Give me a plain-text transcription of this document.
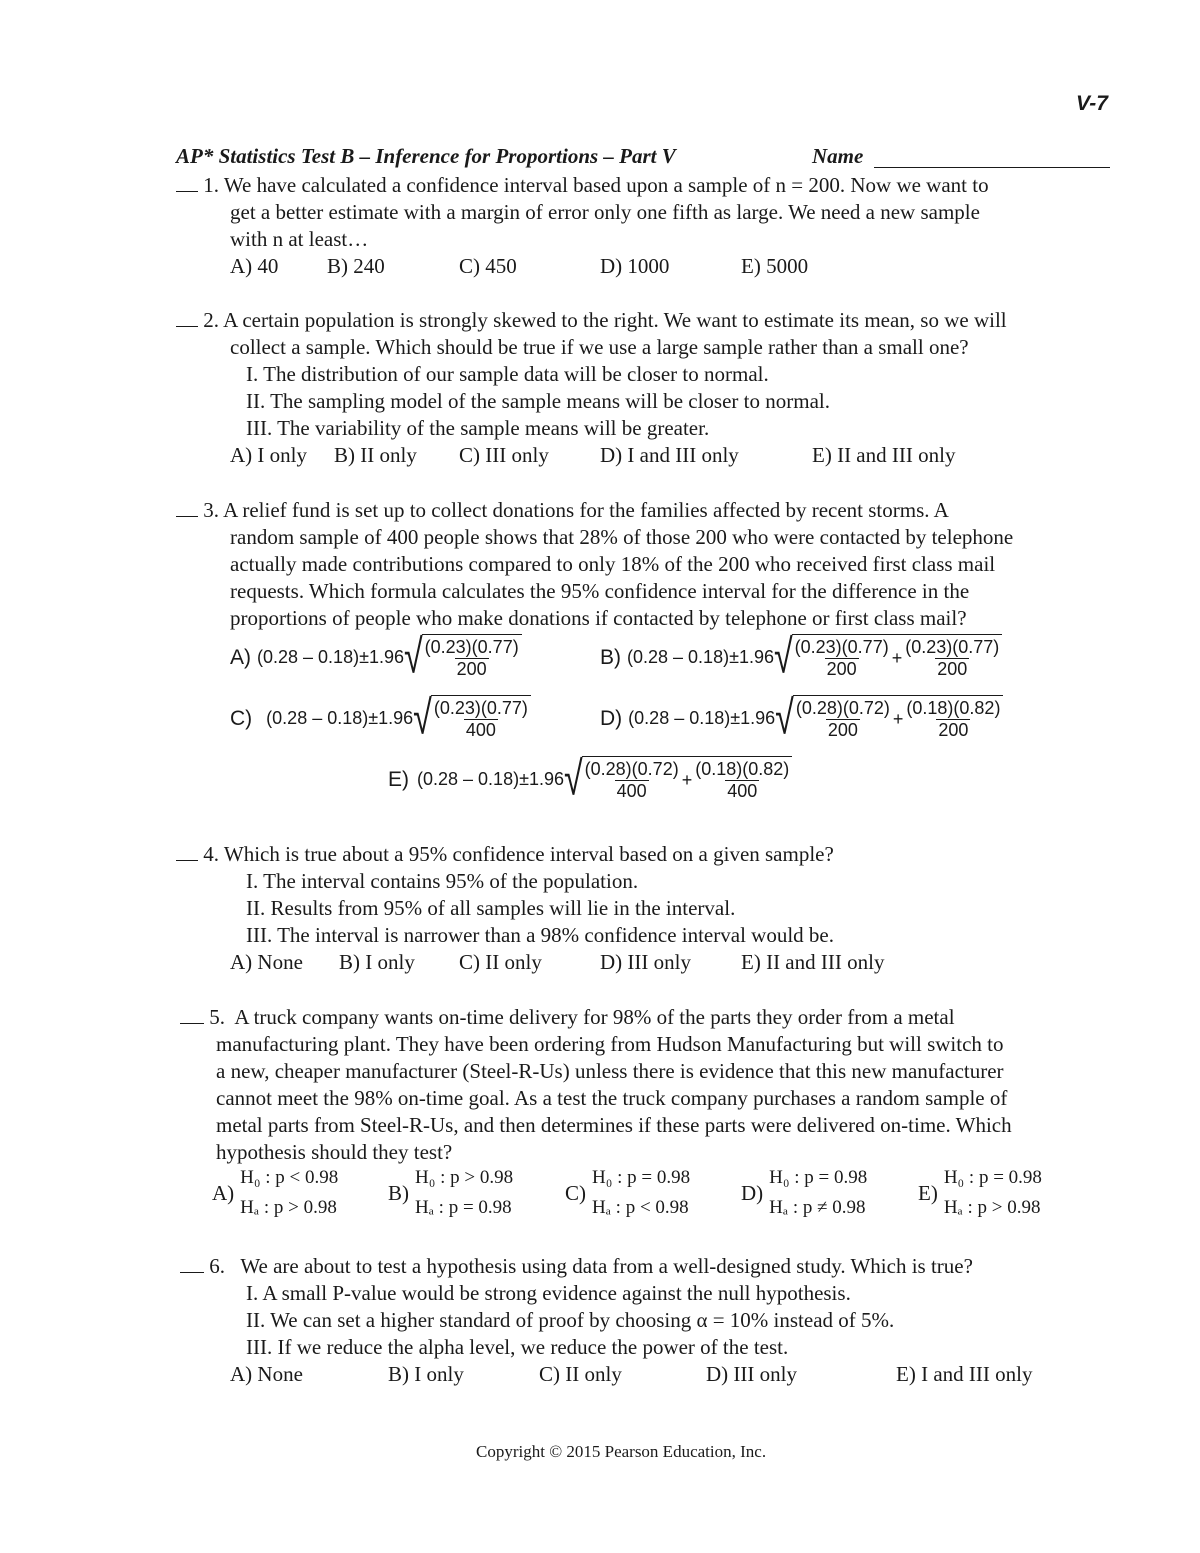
V-7
AP* Statistics Test B – Inference for Proportions – Part V	Name
1. We have calculated a confidence interval based upon a sample of n = 200. Now we want to
get a better estimate with a margin of error only one fifth as large. We need a new sample
with n at least…
A) 40 B) 240	C) 450	D) 1000	E) 5000
2. A certain population is strongly skewed to the right. We want to estimate its mean, so we will
collect a sample. Which should be true if we use a large sample rather than a small one?
I. The distribution of our sample data will be closer to normal.
II. The sampling model of the sample means will be closer to normal.
III. The variability of the sample means will be greater.
A) I only B) II only C) III only D) I and III only	E) II and III only
3. A relief fund is set up to collect donations for the families affected by recent storms. A
random sample of 400 people shows that 28% of those 200 who were contacted by telephone
actually made contributions compared to only 18% of the 200 who received first class mail
requests. Which formula calculates the 95% confidence interval for the difference in the
proportions of people who make donations if contacted by telephone or first class mail?
A) (0.28 – 0.18)±1.96 √ $\frac{(0.23)(0.77)}{200}$	B) (0.28 – 0.18)±1.96 √ $\frac{(0.23)(0.77)}{200} + \frac{(0.23)(0.77)}{200}$
C) (0.28 – 0.18)±1.96 √ $\frac{(0.23)(0.77)}{400}$	D) (0.28 – 0.18)±1.96 √ $\frac{(0.28)(0.72)}{200} + \frac{(0.18)(0.82)}{200}$
E) (0.28 – 0.18)±1.96 √ $\frac{(0.28)(0.72)}{400} + \frac{(0.18)(0.82)}{400}$
4. Which is true about a 95% confidence interval based on a given sample?
I. The interval contains 95% of the population.
II. Results from 95% of all samples will lie in the interval.
III. The interval is narrower than a 98% confidence interval would be.
A) None B) I only C) II only	D) III only E) II and III only
5. A truck company wants on-time delivery for 98% of the parts they order from a metal
manufacturing plant. They have been ordering from Hudson Manufacturing but will switch to
a new, cheaper manufacturer (Steel-R-Us) unless there is evidence that this new manufacturer
cannot meet the 98% on-time goal. As a test the truck company purchases a random sample of
metal parts from Steel-R-Us, and then determines if these parts were delivered on-time. Which
hypothesis should they test?
A)
H₀ : p < 0.98
Hₐ : p > 0.98
B)
H₀ : p > 0.98
Hₐ : p = 0.98
C)
H₀ : p = 0.98
Hₐ : p < 0.98
D)
H₀ : p = 0.98
Hₐ : p ≠ 0.98
E)
H₀ : p = 0.98
Hₐ : p > 0.98
6. We are about to test a hypothesis using data from a well-designed study. Which is true?
I. A small P-value would be strong evidence against the null hypothesis.
II. We can set a higher standard of proof by choosing α = 10% instead of 5%.
III. If we reduce the alpha level, we reduce the power of the test.
A) None	B) I only	C) II only	D) III only	E) I and III only
Copyright © 2015 Pearson Education, Inc.
